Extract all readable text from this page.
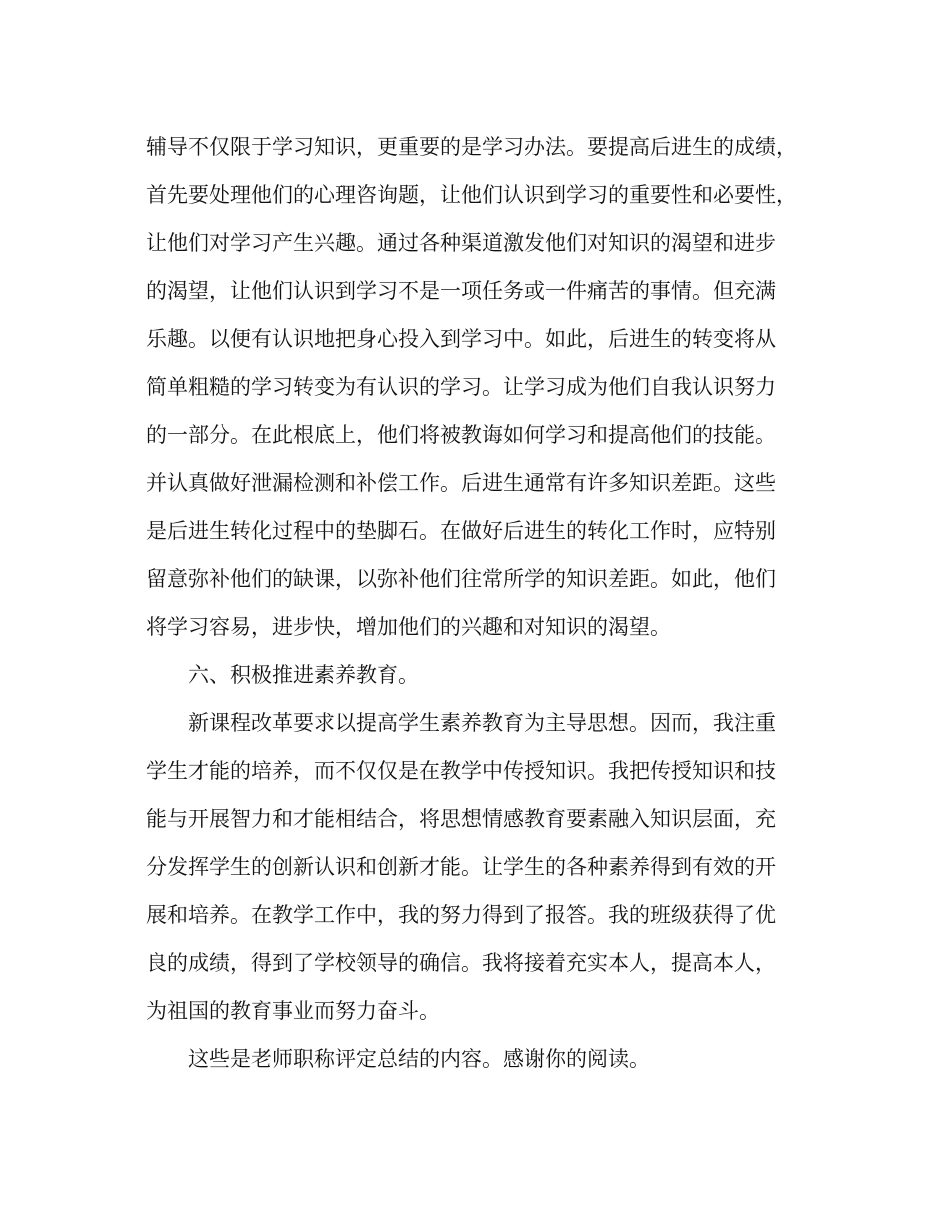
辅导不仅限于学习知识，更重要的是学习办法。要提高后进生的成绩，

首先要处理他们的心理咨询题，让他们认识到学习的重要性和必要性，

让他们对学习产生兴趣。通过各种渠道激发他们对知识的渴望和进步

的渴望，让他们认识到学习不是一项任务或一件痛苦的事情。但充满

乐趣。以便有认识地把身心投入到学习中。如此，后进生的转变将从

简单粗糙的学习转变为有认识的学习。让学习成为他们自我认识努力

的一部分。在此根底上，他们将被教诲如何学习和提高他们的技能。

并认真做好泄漏检测和补偿工作。后进生通常有许多知识差距。这些

是后进生转化过程中的垫脚石。在做好后进生的转化工作时，应特别

留意弥补他们的缺课，以弥补他们往常所学的知识差距。如此，他们

将学习容易，进步快，增加他们的兴趣和对知识的渴望。

六、积极推进素养教育。

新课程改革要求以提高学生素养教育为主导思想。因而，我注重

学生才能的培养，而不仅仅是在教学中传授知识。我把传授知识和技

能与开展智力和才能相结合，将思想情感教育要素融入知识层面，充

分发挥学生的创新认识和创新才能。让学生的各种素养得到有效的开

展和培养。在教学工作中，我的努力得到了报答。我的班级获得了优

良的成绩，得到了学校领导的确信。我将接着充实本人，提高本人，

为祖国的教育事业而努力奋斗。

这些是老师职称评定总结的内容。感谢你的阅读。
